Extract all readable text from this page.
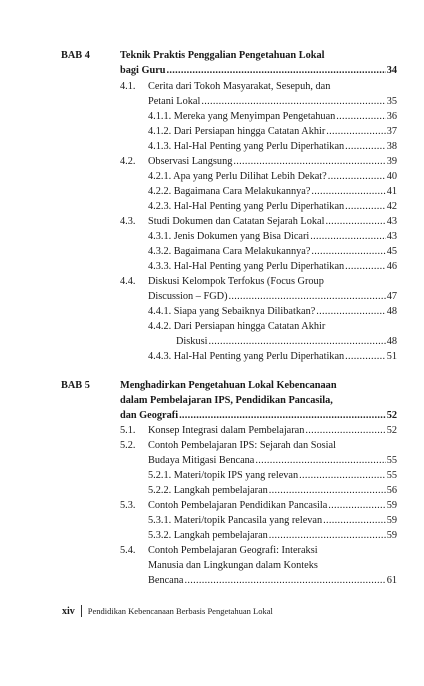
BAB 4	Teknik Praktis Penggalian Pengetahuan Lokal
bagi Guru .....	34
4.1. Cerita dari Tokoh Masyarakat, Sesepuh, dan
Petani Lokal .....	35
4.1.1. Mereka yang Menyimpan Pengetahuan .....	36
4.1.2. Dari Persiapan hingga Catatan Akhir .....	37
4.1.3. Hal-Hal Penting yang Perlu Diperhatikan .....	38
4.2. Observasi Langsung .....	39
4.2.1. Apa yang Perlu Dilihat Lebih Dekat? .....	40
4.2.2. Bagaimana Cara Melakukannya? .....	41
4.2.3. Hal-Hal Penting yang Perlu Diperhatikan .....	42
4.3. Studi Dokumen dan Catatan Sejarah Lokal .....	43
4.3.1. Jenis Dokumen yang Bisa Dicari .....	43
4.3.2. Bagaimana Cara Melakukannya? .....	45
4.3.3. Hal-Hal Penting yang Perlu Diperhatikan .....	46
4.4. Diskusi Kelompok Terfokus (Focus Group
Discussion – FGD) .....	47
4.4.1. Siapa yang Sebaiknya Dilibatkan? .....	48
4.4.2. Dari Persiapan hingga Catatan Akhir
Diskusi .....	48
4.4.3. Hal-Hal Penting yang Perlu Diperhatikan .....	51
BAB 5	Menghadirkan Pengetahuan Lokal Kebencanaan
dalam Pembelajaran IPS, Pendidikan Pancasila,
dan Geografi .....	52
5.1. Konsep Integrasi dalam Pembelajaran .....	52
5.2. Contoh Pembelajaran IPS: Sejarah dan Sosial
Budaya Mitigasi Bencana .....	55
5.2.1. Materi/topik IPS yang relevan .....	55
5.2.2. Langkah pembelajaran .....	56
5.3. Contoh Pembelajaran Pendidikan Pancasila .....	59
5.3.1. Materi/topik Pancasila yang relevan .....	59
5.3.2. Langkah pembelajaran .....	59
5.4. Contoh Pembelajaran Geografi: Interaksi
Manusia dan Lingkungan dalam Konteks
Bencana .....	61
xiv Pendidikan Kebencanaan Berbasis Pengetahuan Lokal
